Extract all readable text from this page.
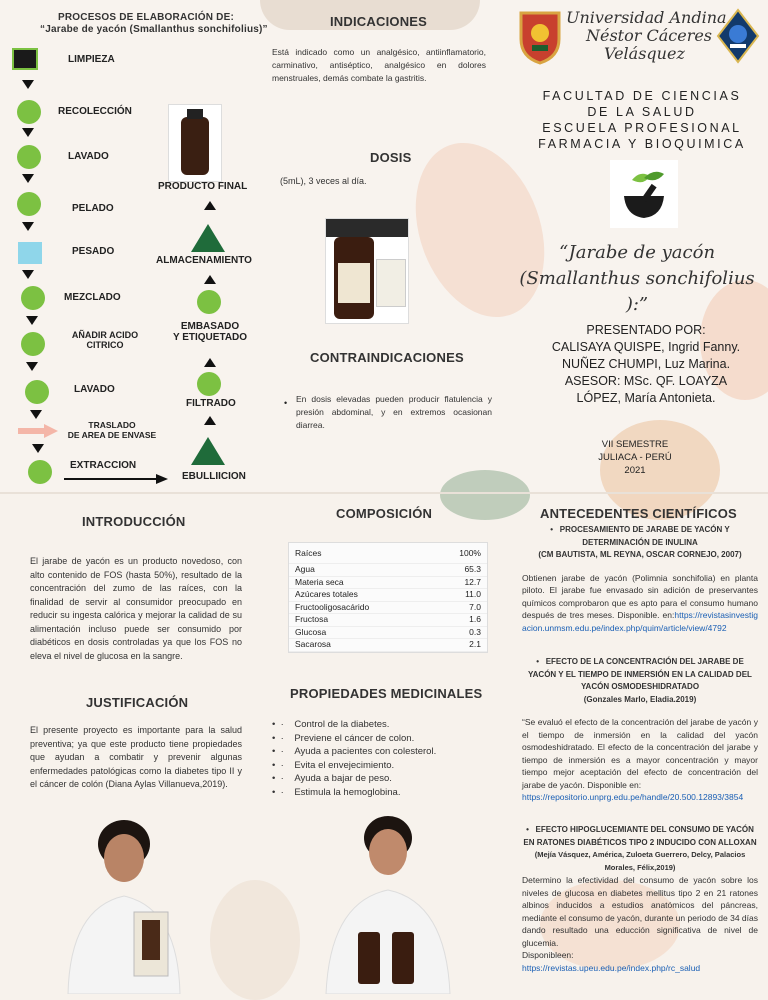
PROCESOS DE ELABORACIÓN DE:
“Jarabe de yacón (Smallanthus sonchifolius)”
LIMPIEZA
RECOLECCIÓN
LAVADO
PELADO
PESADO
MEZCLADO
AÑADIR ACIDO
CITRICO
LAVADO
TRASLADO
DE AREA DE ENVASE
EXTRACCION
PRODUCTO FINAL
ALMACENAMIENTO
EMBASADO
Y ETIQUETADO
FILTRADO
EBULLIICION
INDICACIONES
Está indicado como un analgésico, antiinflamatorio, carminativo, antiséptico, analgésico en dolores menstruales, demás combate la gastritis.
DOSIS
(5mL), 3 veces al día.
CONTRAINDICACIONES
• En dosis elevadas pueden producir flatulencia y presión abdominal, y en extremos ocasionan diarrea.
Universidad Andina
Néstor Cáceres
Velásquez
FACULTAD DE CIENCIAS
DE LA SALUD
ESCUELA PROFESIONAL
FARMACIA Y BIOQUIMICA
“Jarabe de yacón (Smallanthus sonchifolius ):”
PRESENTADO POR:
CALISAYA QUISPE, Ingrid Fanny.
NUÑEZ CHUMPI, Luz Marina.
ASESOR: MSc. QF. LOAYZA
LÓPEZ, María Antonieta.
VII SEMESTRE
JULIACA - PERÚ
2021
INTRODUCCIÓN
El jarabe de yacón es un producto novedoso, con alto contenido de FOS (hasta 50%), resultado de la concentración del zumo de las raíces, con la finalidad de servir al consumidor preocupado en reducir su ingesta calórica y mejorar la calidad de su alimentación incluso puede ser consumido por diabéticos en dosis controladas ya que los FOS no eleva el nivel de glucosa en la sangre.
JUSTIFICACIÓN
El presente proyecto es importante para la salud preventiva; ya que este producto tiene propiedades que ayudan a combatir y prevenir algunas enfermedades patológicas como la diabetes tipo II y el cáncer de colón (Diana Aylas Villanueva,2019).
COMPOSICIÓN
Raíces	100%
Agua	65.3
Materia seca	12.7
Azúcares totales	11.0
Fructooligosacárido	7.0
Fructosa	1.6
Glucosa	0.3
Sacarosa	2.1
PROPIEDADES MEDICINALES
•  ·    Control de la diabetes.
•  ·    Previene el cáncer de colon.
•  ·    Ayuda a pacientes con colesterol.
•  ·    Evita el envejecimiento.
•  ·    Ayuda a bajar de peso.
•  ·    Estimula la hemoglobina.
ANTECEDENTES CIENTÍFICOS
•   PROCESAMIENTO DE JARABE DE YACÓN Y DETERMINACIÓN DE INULINA
(CM BAUTISTA, ML REYNA, OSCAR CORNEJO, 2007)
Obtienen jarabe de yacón (Polimnia sonchifolia) en planta piloto. El jarabe fue envasado sin adición de preservantes químicos comprobaron que es apto para el consumo humano después de tres meses. Disponible. en:https://revistasinvestigacion.unmsm.edu.pe/index.php/quim/article/view/4792
•   EFECTO DE LA CONCENTRACIÓN DEL JARABE DE YACÓN Y EL TIEMPO DE INMERSIÓN EN LA CALIDAD DEL YACÓN OSMODESHIDRATADO
(Gonzales Marlo, Eladia.2019)
“Se evaluó el efecto de la concentración del jarabe de yacón y el tiempo de inmersión en la calidad del yacón osmodeshidratado. El efecto de la concentración del jarabe y tiempo de inmersión es a mayor concentración y mayor tiempo mejor aceptación del efecto de concentración del jarabe de yacón. Disponible en:
https://repositorio.unprg.edu.pe/handle/20.500.12893/3854
•   EFECTO HIPOGLUCEMIANTE DEL CONSUMO DE YACÓN EN RATONES DIABÉTICOS TIPO 2 INDUCIDO CON ALLOXAN
(Mejía Vásquez, América, Zuloeta Guerrero, Delcy, Palacios Morales, Félix,2019)
Determino la efectividad del consumo de yacón sobre los niveles de glucosa en diabetes mellitus tipo 2 en 21 ratones albinos inducidos a estudios anatómicos del páncreas, mediante el consumo de yacón, durante un periodo de 34 días dando resultado una educción significativa de nivel de glucemia.
Disponibleen:
https://revistas.upeu.edu.pe/index.php/rc_salud
